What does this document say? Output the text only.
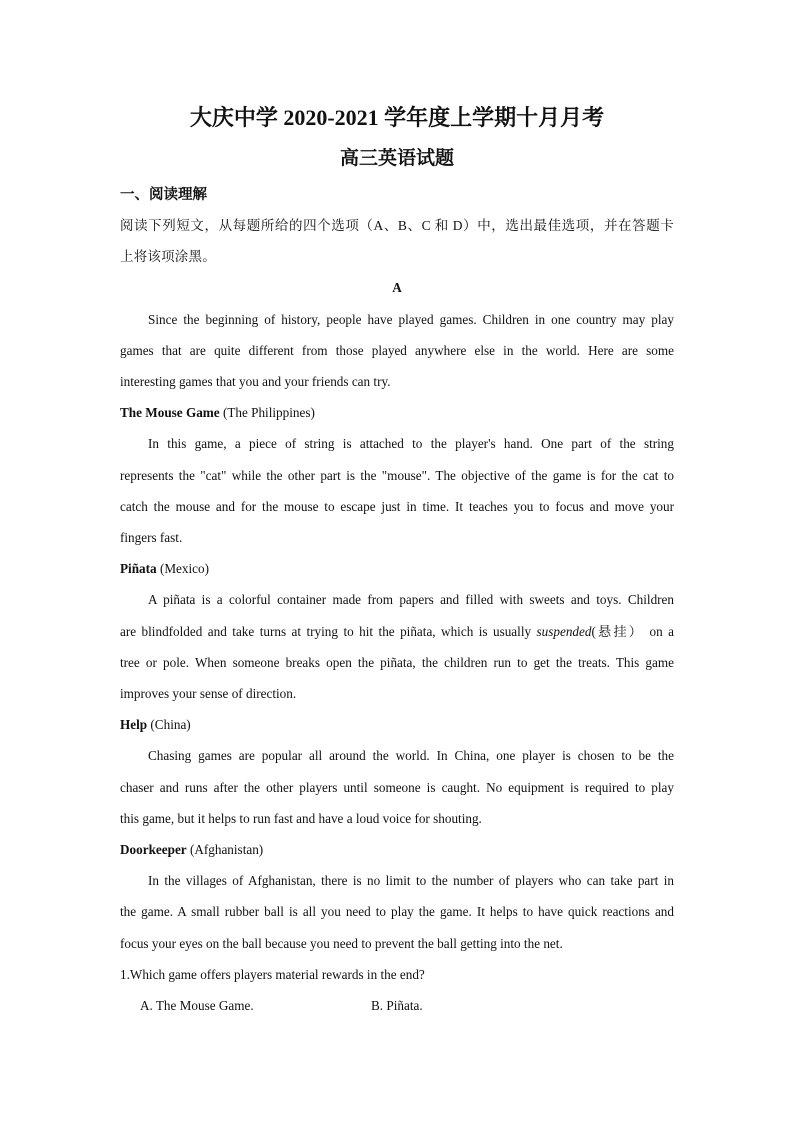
大庆中学 2020-2021 学年度上学期十月月考
高三英语试题
一、阅读理解
阅读下列短文，从每题所给的四个选项（A、B、C 和 D）中，选出最佳选项，并在答题卡
上将该项涂黑。
A
Since the beginning of history, people have played games. Children in one country may play
games that are quite different from those played anywhere else in the world. Here are some
interesting games that you and your friends can try.
The Mouse Game (The Philippines)
In this game, a piece of string is attached to the player's hand. One part of the string
represents the "cat" while the other part is the "mouse". The objective of the game is for the cat to
catch the mouse and for the mouse to escape just in time. It teaches you to focus and move your
fingers fast.
Piñata (Mexico)
A piñata is a colorful container made from papers and filled with sweets and toys. Children
are blindfolded and take turns at trying to hit the piñata, which is usually suspended(悬挂） on a
tree or pole. When someone breaks open the piñata, the children run to get the treats. This game
improves your sense of direction.
Help (China)
Chasing games are popular all around the world. In China, one player is chosen to be the
chaser and runs after the other players until someone is caught. No equipment is required to play
this game, but it helps to run fast and have a loud voice for shouting.
Doorkeeper (Afghanistan)
In the villages of Afghanistan, there is no limit to the number of players who can take part in
the game. A small rubber ball is all you need to play the game. It helps to have quick reactions and
focus your eyes on the ball because you need to prevent the ball getting into the net.
1.Which game offers players material rewards in the end?
A. The Mouse Game.	B. Piñata.
